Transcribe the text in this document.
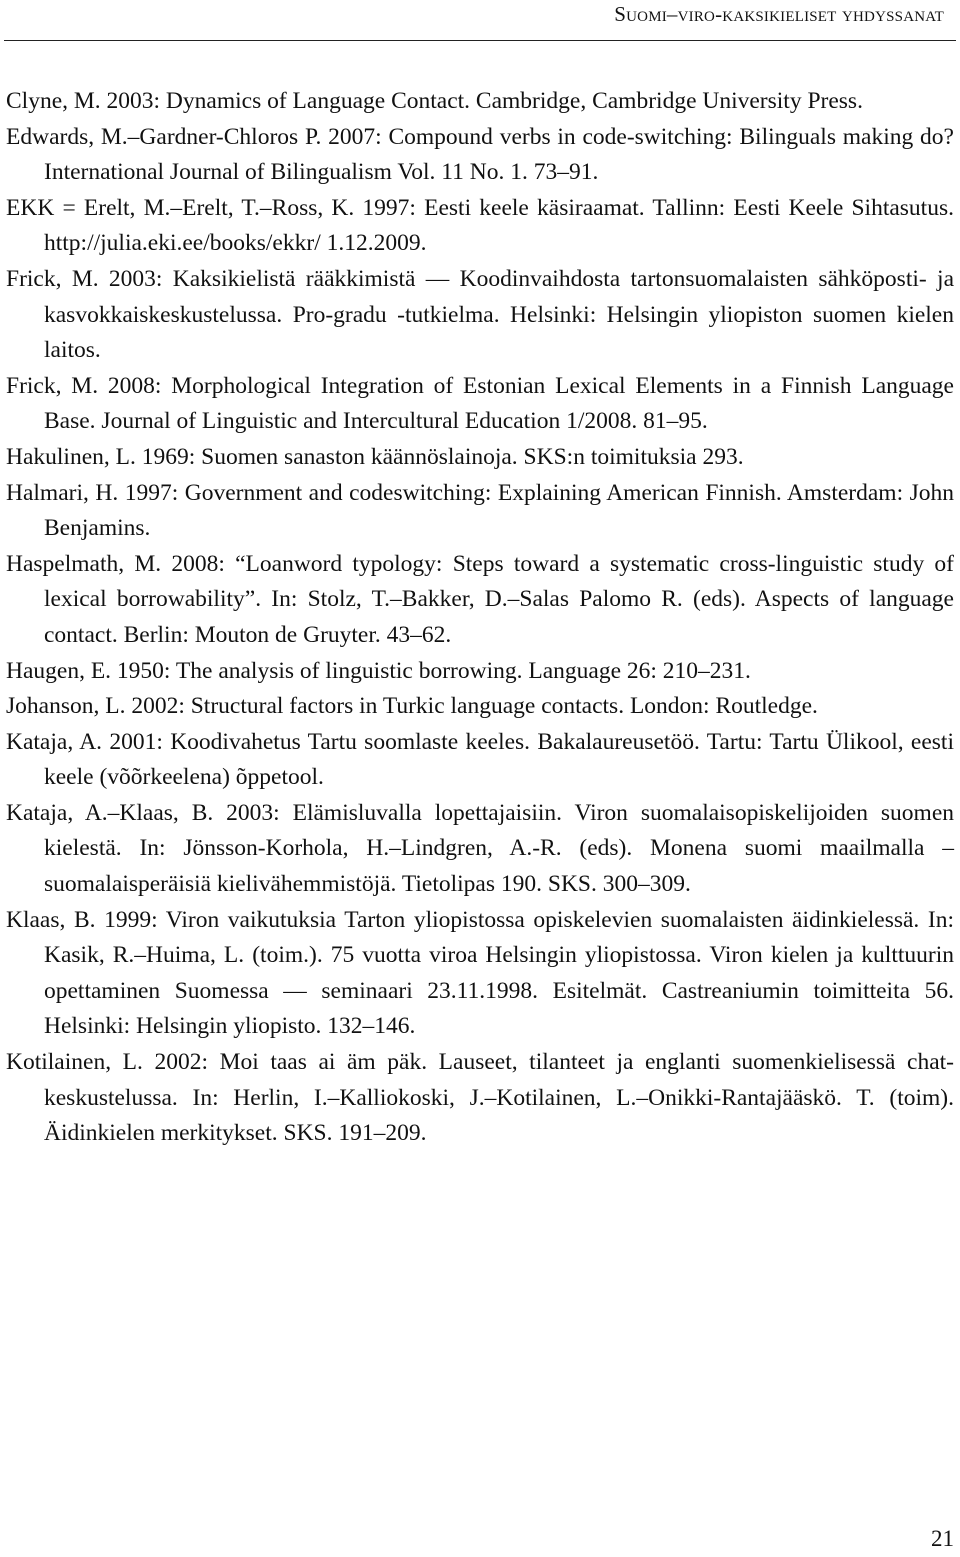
Suomi–viro-kaksikieliset yhdyssanat

Clyne, M. 2003: Dynamics of Language Contact. Cambridge, Cambridge University Press.

Edwards, M.–Gardner-Chloros P. 2007: Compound verbs in code-switching: Bilinguals making do? International Journal of Bilingualism Vol. 11 No. 1. 73–91.

EKK = Erelt, M.–Erelt, T.–Ross, K. 1997: Eesti keele käsiraamat. Tallinn: Eesti Keele Sihtasutus. http://julia.eki.ee/books/ekkr/ 1.12.2009.

Frick, M. 2003: Kaksikielistä rääkkimistä — Koodinvaihdosta tartonsuomalaisten sähköposti- ja kasvokkaiskeskustelussa. Pro-gradu -tutkielma. Helsinki: Helsingin yliopiston suomen kielen laitos.

Frick, M. 2008: Morphological Integration of Estonian Lexical Elements in a Finnish Language Base. Journal of Linguistic and Intercultural Education 1/2008. 81–95.

Hakulinen, L. 1969: Suomen sanaston käännöslainoja. SKS:n toimituksia 293.

Halmari, H. 1997: Government and codeswitching: Explaining American Finnish. Amsterdam: John Benjamins.

Haspelmath, M. 2008: “Loanword typology: Steps toward a systematic cross-linguistic study of lexical borrowability”. In: Stolz, T.–Bakker, D.–Salas Palomo R. (eds). Aspects of language contact. Berlin: Mouton de Gruyter. 43–62.

Haugen, E. 1950: The analysis of linguistic borrowing. Language 26: 210–231.

Johanson, L. 2002: Structural factors in Turkic language contacts. London: Routledge.

Kataja, A. 2001: Koodivahetus Tartu soomlaste keeles. Bakalaureusetöö. Tartu: Tartu Ülikool, eesti keele (võõrkeelena) õppetool.

Kataja, A.–Klaas, B. 2003: Elämisluvalla lopettajaisiin. Viron suomalaisopiskelijoiden suomen kielestä. In: Jönsson-Korhola, H.–Lindgren, A.-R. (eds). Monena suomi maailmalla – suomalaisperäisiä kielivähemmistöjä. Tietolipas 190. SKS. 300–309.

Klaas, B. 1999: Viron vaikutuksia Tarton yliopistossa opiskelevien suomalaisten äidinkielessä. In: Kasik, R.–Huima, L. (toim.). 75 vuotta viroa Helsingin yliopistossa. Viron kielen ja kulttuurin opettaminen Suomessa — seminaari 23.11.1998. Esitelmät. Castreaniumin toimitteita 56. Helsinki: Helsingin yliopisto. 132–146.

Kotilainen, L. 2002: Moi taas ai äm päk. Lauseet, tilanteet ja englanti suomenkielisessä chat-keskustelussa. In: Herlin, I.–Kalliokoski, J.–Kotilainen, L.–Onikki-Rantajääskö. T. (toim). Äidinkielen merkitykset. SKS. 191–209.

21
